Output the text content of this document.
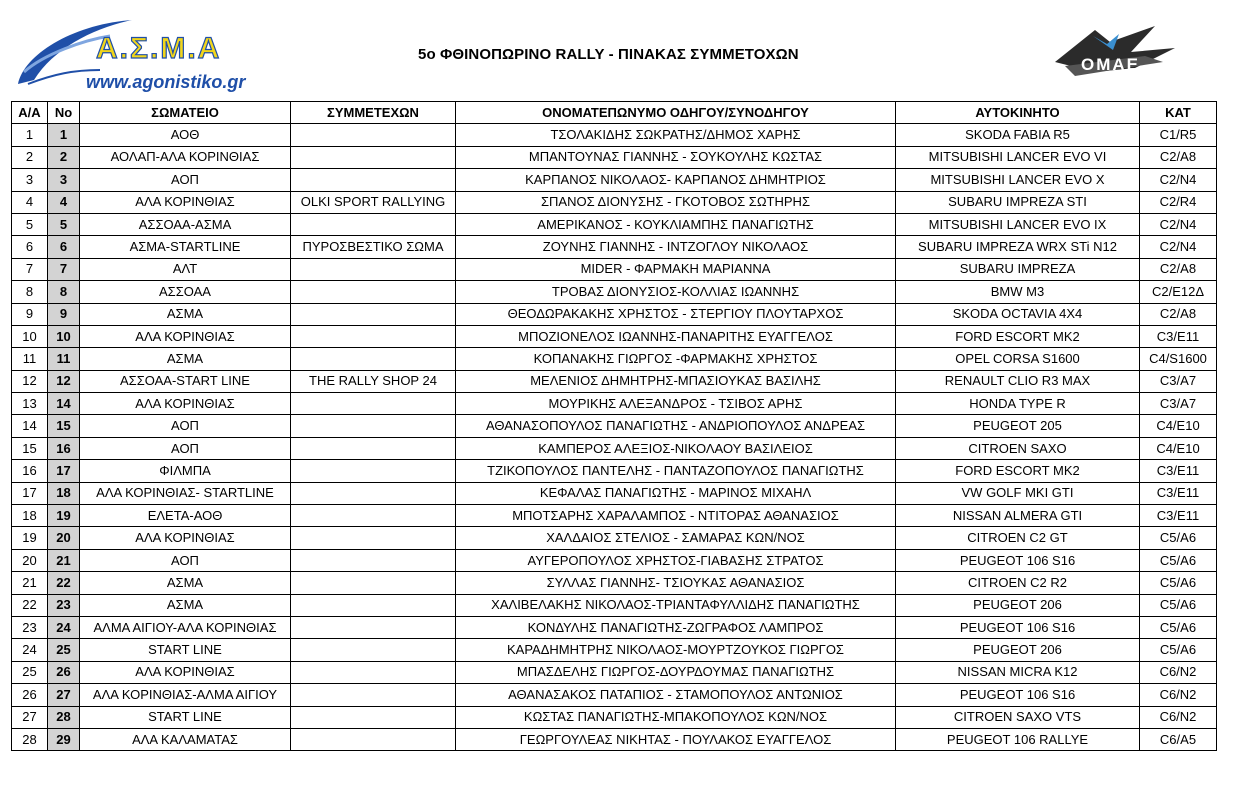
Α.Σ.Μ.Α
www.agonistiko.gr
5ο ΦΘΙΝΟΠΩΡΙΝΟ RALLY - ΠΙΝΑΚΑΣ ΣΥΜΜΕΤΟΧΩΝ
ΟΜΑΕ
Α/Α	Νο	ΣΩΜΑΤΕΙΟ	ΣΥΜΜΕΤΕΧΩΝ	ΟΝΟΜΑΤΕΠΩΝΥΜΟ ΟΔΗΓΟΥ/ΣΥΝΟΔΗΓΟΥ	ΑΥΤΟΚΙΝΗΤΟ	ΚΑΤ
1	1	ΑΟΘ		ΤΣΟΛΑΚΙΔΗΣ ΣΩΚΡΑΤΗΣ/ΔΗΜΟΣ ΧΑΡΗΣ	SKODA FABIA R5	C1/R5
2	2	ΑΟΛΑΠ-ΑΛΑ ΚΟΡΙΝΘΙΑΣ		ΜΠΑΝΤΟΥΝΑΣ ΓΙΑΝΝΗΣ - ΣΟΥΚΟΥΛΗΣ ΚΩΣΤΑΣ	MITSUBISHI LANCER EVO VI	C2/A8
3	3	ΑΟΠ		ΚΑΡΠΑΝΟΣ ΝΙΚΟΛΑΟΣ- ΚΑΡΠΑΝΟΣ ΔΗΜΗΤΡΙΟΣ	MITSUBISHI LANCER EVO X	C2/N4
4	4	ΑΛΑ ΚΟΡΙΝΘΙΑΣ	OLKI SPORT RALLYING	ΣΠΑΝΟΣ ΔΙΟΝΥΣΗΣ - ΓΚΟΤΟΒΟΣ ΣΩΤΗΡΗΣ	SUBARU IMPREZA STI	C2/R4
5	5	ΑΣΣΟΑΑ-ΑΣΜΑ		ΑΜΕΡΙΚΑΝΟΣ - ΚΟΥΚΛΙΑΜΠΗΣ ΠΑΝΑΓΙΩΤΗΣ	MITSUBISHI LANCER EVO IX	C2/N4
6	6	ΑΣΜΑ-STARTLINE	ΠΥΡΟΣΒΕΣΤΙΚΟ ΣΩΜΑ	ΖΟΥΝΗΣ ΓΙΑΝΝΗΣ - ΙΝΤΖΟΓΛΟΥ ΝΙΚΟΛΑΟΣ	SUBARU IMPREZA WRX STi N12	C2/N4
7	7	ΑΛΤ		MIDER - ΦΑΡΜΑΚΗ ΜΑΡΙΑΝΝΑ	SUBARU IMPREZA	C2/A8
8	8	ΑΣΣΟΑΑ		ΤΡΟΒΑΣ ΔΙΟΝΥΣΙΟΣ-ΚΟΛΛΙΑΣ ΙΩΑΝΝΗΣ	BMW M3	C2/E12Δ
9	9	ΑΣΜΑ		ΘΕΟΔΩΡΑΚΑΚΗΣ ΧΡΗΣΤΟΣ - ΣΤΕΡΓΙΟΥ ΠΛΟΥΤΑΡΧΟΣ	SKODA OCTAVIA 4X4	C2/A8
10	10	ΑΛΑ ΚΟΡΙΝΘΙΑΣ		ΜΠΟΖΙΟΝΕΛΟΣ ΙΩΑΝΝΗΣ-ΠΑΝΑΡΙΤΗΣ ΕΥΑΓΓΕΛΟΣ	FORD ESCORT MK2	C3/E11
11	11	ΑΣΜΑ		ΚΟΠΑΝΑΚΗΣ ΓΙΩΡΓΟΣ -ΦΑΡΜΑΚΗΣ ΧΡΗΣΤΟΣ	OPEL CORSA S1600	C4/S1600
12	12	ΑΣΣΟΑΑ-START LINE	THE RALLY SHOP 24	ΜΕΛΕΝΙΟΣ ΔΗΜΗΤΡΗΣ-ΜΠΑΣΙΟΥΚΑΣ ΒΑΣΙΛΗΣ	RENAULT CLIO R3 MAX	C3/A7
13	14	ΑΛΑ ΚΟΡΙΝΘΙΑΣ		ΜΟΥΡΙΚΗΣ ΑΛΕΞΑΝΔΡΟΣ - ΤΣΙΒΟΣ ΑΡΗΣ	HONDA TYPE R	C3/A7
14	15	ΑΟΠ		ΑΘΑΝΑΣΟΠΟΥΛΟΣ ΠΑΝΑΓΙΩΤΗΣ - ΑΝΔΡΙΟΠΟΥΛΟΣ ΑΝΔΡΕΑΣ	PEUGEOT 205	C4/E10
15	16	ΑΟΠ		ΚΑΜΠΕΡΟΣ ΑΛΕΞΙΟΣ-ΝΙΚΟΛΑΟΥ ΒΑΣΙΛΕΙΟΣ	CITROEN SAXO	C4/E10
16	17	ΦΙΛΜΠΑ		ΤΖΙΚΟΠΟΥΛΟΣ ΠΑΝΤΕΛΗΣ - ΠΑΝΤΑΖΟΠΟΥΛΟΣ ΠΑΝΑΓΙΩΤΗΣ	FORD ESCORT MK2	C3/E11
17	18	ΑΛΑ ΚΟΡΙΝΘΙΑΣ- STARTLINE		ΚΕΦΑΛΑΣ ΠΑΝΑΓΙΩΤΗΣ - ΜΑΡΙΝΟΣ ΜΙΧΑΗΛ	VW GOLF MKI GTI	C3/E11
18	19	ΕΛΕΤΑ-ΑΟΘ		ΜΠΟΤΣΑΡΗΣ ΧΑΡΑΛΑΜΠΟΣ - ΝΤΙΤΟΡΑΣ ΑΘΑΝΑΣΙΟΣ	NISSAN ALMERA GTI	C3/E11
19	20	ΑΛΑ ΚΟΡΙΝΘΙΑΣ		ΧΑΛΔΑΙΟΣ ΣΤΕΛΙΟΣ - ΣΑΜΑΡΑΣ ΚΩΝ/ΝΟΣ	CITROEN C2 GT	C5/A6
20	21	ΑΟΠ		ΑΥΓΕΡΟΠΟΥΛΟΣ ΧΡΗΣΤΟΣ-ΓΙΑΒΑΣΗΣ ΣΤΡΑΤΟΣ	PEUGEOT 106 S16	C5/A6
21	22	ΑΣΜΑ		ΣΥΛΛΑΣ ΓΙΑΝΝΗΣ- ΤΣΙΟΥΚΑΣ ΑΘΑΝΑΣΙΟΣ	CITROEN C2 R2	C5/A6
22	23	ΑΣΜΑ		ΧΑΛΙΒΕΛΑΚΗΣ ΝΙΚΟΛΑΟΣ-ΤΡΙΑΝΤΑΦΥΛΛΙΔΗΣ ΠΑΝΑΓΙΩΤΗΣ	PEUGEOT 206	C5/A6
23	24	ΑΛΜΑ ΑΙΓΙΟΥ-ΑΛΑ ΚΟΡΙΝΘΙΑΣ		ΚΟΝΔΥΛΗΣ ΠΑΝΑΓΙΩΤΗΣ-ΖΩΓΡΑΦΟΣ ΛΑΜΠΡΟΣ	PEUGEOT 106 S16	C5/A6
24	25	START LINE		ΚΑΡΑΔΗΜΗΤΡΗΣ ΝΙΚΟΛΑΟΣ-ΜΟΥΡΤΖΟΥΚΟΣ ΓΙΩΡΓΟΣ	PEUGEOT 206	C5/A6
25	26	ΑΛΑ ΚΟΡΙΝΘΙΑΣ		ΜΠΑΣΔΕΛΗΣ ΓΙΩΡΓΟΣ-ΔΟΥΡΔΟΥΜΑΣ ΠΑΝΑΓΙΩΤΗΣ	NISSAN MICRA K12	C6/N2
26	27	ΑΛΑ ΚΟΡΙΝΘΙΑΣ-ΑΛΜΑ ΑΙΓΙΟΥ		ΑΘΑΝΑΣΑΚΟΣ ΠΑΤΑΠΙΟΣ - ΣΤΑΜΟΠΟΥΛΟΣ ΑΝΤΩΝΙΟΣ	PEUGEOT 106 S16	C6/N2
27	28	START LINE		ΚΩΣΤΑΣ ΠΑΝΑΓΙΩΤΗΣ-ΜΠΑΚΟΠΟΥΛΟΣ ΚΩΝ/ΝΟΣ	CITROEN SAXO VTS	C6/N2
28	29	ΑΛΑ ΚΑΛΑΜΑΤΑΣ		ΓΕΩΡΓΟΥΛΕΑΣ ΝΙΚΗΤΑΣ - ΠΟΥΛΑΚΟΣ ΕΥΑΓΓΕΛΟΣ	PEUGEOT 106 RALLYE	C6/A5
